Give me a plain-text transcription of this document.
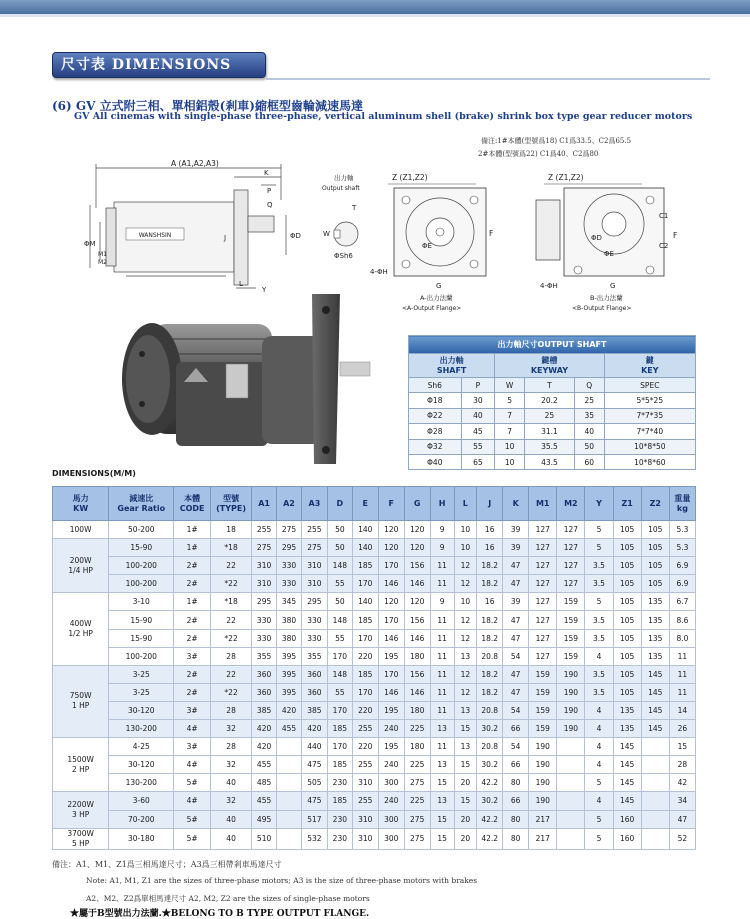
尺寸表 DIMENSIONS
(6) GV 立式附三相、單相鋁殼(剎車)縮框型齒輪減速馬達
GV All cinemas with single-phase three-phase, vertical aluminum shell (brake) shrink box type gear reducer motors
備注:1#本體(型號爲18) C1爲33.5、C2爲65.5
2#本體(型號爲22) C1爲40、C2爲80
WANSHSIN
A (A1,A2,A3)
K
P
Q
ΦD
J
ΦM
M1
M2
L
Y
出力軸
Output shaft
T
W
ΦSh6
Z (Z1,Z2)
ΦE
F
4-ΦH
G
A-出力法蘭
<A-Output Flange>
Z (Z1,Z2)
ΦD
ΦE
C1
C2
F
4-ΦH	G
B-出力法蘭
<B-Output Flange>
出力軸尺寸OUTPUT SHAFT					
出力軸
SHAFT		鍵槽
KEYWAY			鍵
KEY
Sh6	P	W	T	Q	SPEC
Φ18	30	5	20.2	25	5*5*25
Φ22	40	7	25	35	7*7*35
Φ28	45	7	31.1	40	7*7*40
Φ32	55	10	35.5	50	10*8*50
Φ40	65	10	43.5	60	10*8*60
DIMENSIONS(M/M)
馬力
KW	減速比
Gear Ratio	本體
CODE	型號
(TYPE)	A1	A2	A3	D	E	F	G	H	L	J	K	M1	M2	Y	Z1	Z2	重量
kg
100W	50-200	1#	18	255	275	255	50	140	120	120	9	10	16	39	127	127	5	105	105	5.3
200W
1/4 HP	15-90	1#	*18	275	295	275	50	140	120	120	9	10	16	39	127	127	5	105	105	5.3
	100-200	2#	22	310	330	310	148	185	170	156	11	12	18.2	47	127	127	3.5	105	105	6.9
	100-200	2#	*22	310	330	310	55	170	146	146	11	12	18.2	47	127	127	3.5	105	105	6.9
400W
1/2 HP	3-10	1#	*18	295	345	295	50	140	120	120	9	10	16	39	127	159	5	105	135	6.7
	15-90	2#	22	330	380	330	148	185	170	156	11	12	18.2	47	127	159	3.5	105	135	8.6
	15-90	2#	*22	330	380	330	55	170	146	146	11	12	18.2	47	127	159	3.5	105	135	8.0
	100-200	3#	28	355	395	355	170	220	195	180	11	13	20.8	54	127	159	4	105	135	11
750W
1 HP	3-25	2#	22	360	395	360	148	185	170	156	11	12	18.2	47	159	190	3.5	105	145	11
	3-25	2#	*22	360	395	360	55	170	146	146	11	12	18.2	47	159	190	3.5	105	145	11
	30-120	3#	28	385	420	385	170	220	195	180	11	13	20.8	54	159	190	4	135	145	14
	130-200	4#	32	420	455	420	185	255	240	225	13	15	30.2	66	159	190	4	135	145	26
1500W
2 HP	4-25	3#	28	420		440	170	220	195	180	11	13	20.8	54	190		4	145		15
	30-120	4#	32	455		475	185	255	240	225	13	15	30.2	66	190		4	145		28
	130-200	5#	40	485		505	230	310	300	275	15	20	42.2	80	190		5	145		42
2200W
3 HP	3-60	4#	32	455		475	185	255	240	225	13	15	30.2	66	190		4	145		34
	70-200	5#	40	495		517	230	310	300	275	15	20	42.2	80	217		5	160		47
3700W
5 HP	30-180	5#	40	510		532	230	310	300	275	15	20	42.2	80	217		5	160		52
備注：A1、M1、Z1爲三相馬達尺寸；A3爲三相帶剎車馬達尺寸
Note: A1, M1, Z1 are the sizes of three-phase motors; A3 is the size of three-phase motors with brakes
A2、M2、Z2爲單相馬達尺寸 A2, M2, Z2 are the sizes of single-phase motors
★屬于B型號出力法蘭.★BELONG TO B TYPE OUTPUT FLANGE.
